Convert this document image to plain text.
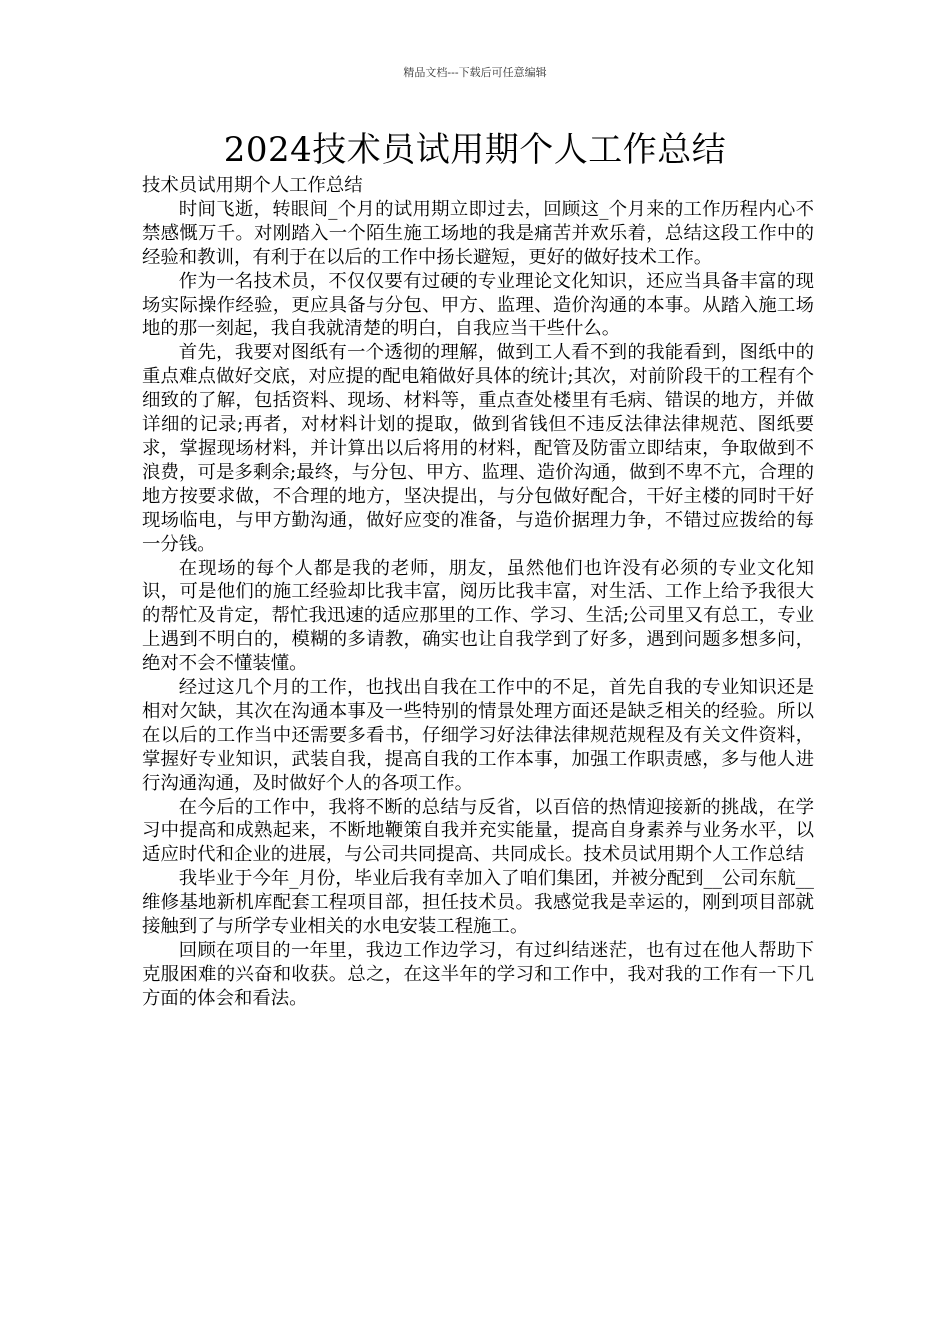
精品文档---下载后可任意编辑
2024技术员试用期个人工作总结

技术员试用期个人工作总结

时间飞逝，转眼间_个月的试用期立即过去，回顾这_个月来的工作历程内心不禁感慨万千。对刚踏入一个陌生施工场地的我是痛苦并欢乐着，总结这段工作中的经验和教训，有利于在以后的工作中扬长避短，更好的做好技术工作。

作为一名技术员，不仅仅要有过硬的专业理论文化知识，还应当具备丰富的现场实际操作经验，更应具备与分包、甲方、监理、造价沟通的本事。从踏入施工场地的那一刻起，我自我就清楚的明白，自我应当干些什么。

首先，我要对图纸有一个透彻的理解，做到工人看不到的我能看到，图纸中的重点难点做好交底，对应提的配电箱做好具体的统计;其次，对前阶段干的工程有个细致的了解，包括资料、现场、材料等，重点查处楼里有毛病、错误的地方，并做详细的记录;再者，对材料计划的提取，做到省钱但不违反法律法律规范、图纸要求，掌握现场材料，并计算出以后将用的材料，配管及防雷立即结束，争取做到不浪费，可是多剩余;最终，与分包、甲方、监理、造价沟通，做到不卑不亢，合理的地方按要求做，不合理的地方，坚决提出，与分包做好配合，干好主楼的同时干好现场临电，与甲方勤沟通，做好应变的准备，与造价据理力争，不错过应拨给的每一分钱。

在现场的每个人都是我的老师，朋友，虽然他们也许没有必须的专业文化知识，可是他们的施工经验却比我丰富，阅历比我丰富，对生活、工作上给予我很大的帮忙及肯定，帮忙我迅速的适应那里的工作、学习、生活;公司里又有总工，专业上遇到不明白的，模糊的多请教，确实也让自我学到了好多，遇到问题多想多问，绝对不会不懂装懂。

经过这几个月的工作，也找出自我在工作中的不足，首先自我的专业知识还是相对欠缺，其次在沟通本事及一些特别的情景处理方面还是缺乏相关的经验。所以在以后的工作当中还需要多看书，仔细学习好法律法律规范规程及有关文件资料，掌握好专业知识，武装自我，提高自我的工作本事，加强工作职责感，多与他人进行沟通沟通，及时做好个人的各项工作。

在今后的工作中，我将不断的总结与反省，以百倍的热情迎接新的挑战，在学习中提高和成熟起来，不断地鞭策自我并充实能量，提高自身素养与业务水平，以适应时代和企业的进展，与公司共同提高、共同成长。技术员试用期个人工作总结

我毕业于今年_月份，毕业后我有幸加入了咱们集团，并被分配到__公司东航__维修基地新机库配套工程项目部，担任技术员。我感觉我是幸运的，刚到项目部就接触到了与所学专业相关的水电安装工程施工。

回顾在项目的一年里，我边工作边学习，有过纠结迷茫，也有过在他人帮助下克服困难的兴奋和收获。总之，在这半年的学习和工作中，我对我的工作有一下几方面的体会和看法。
